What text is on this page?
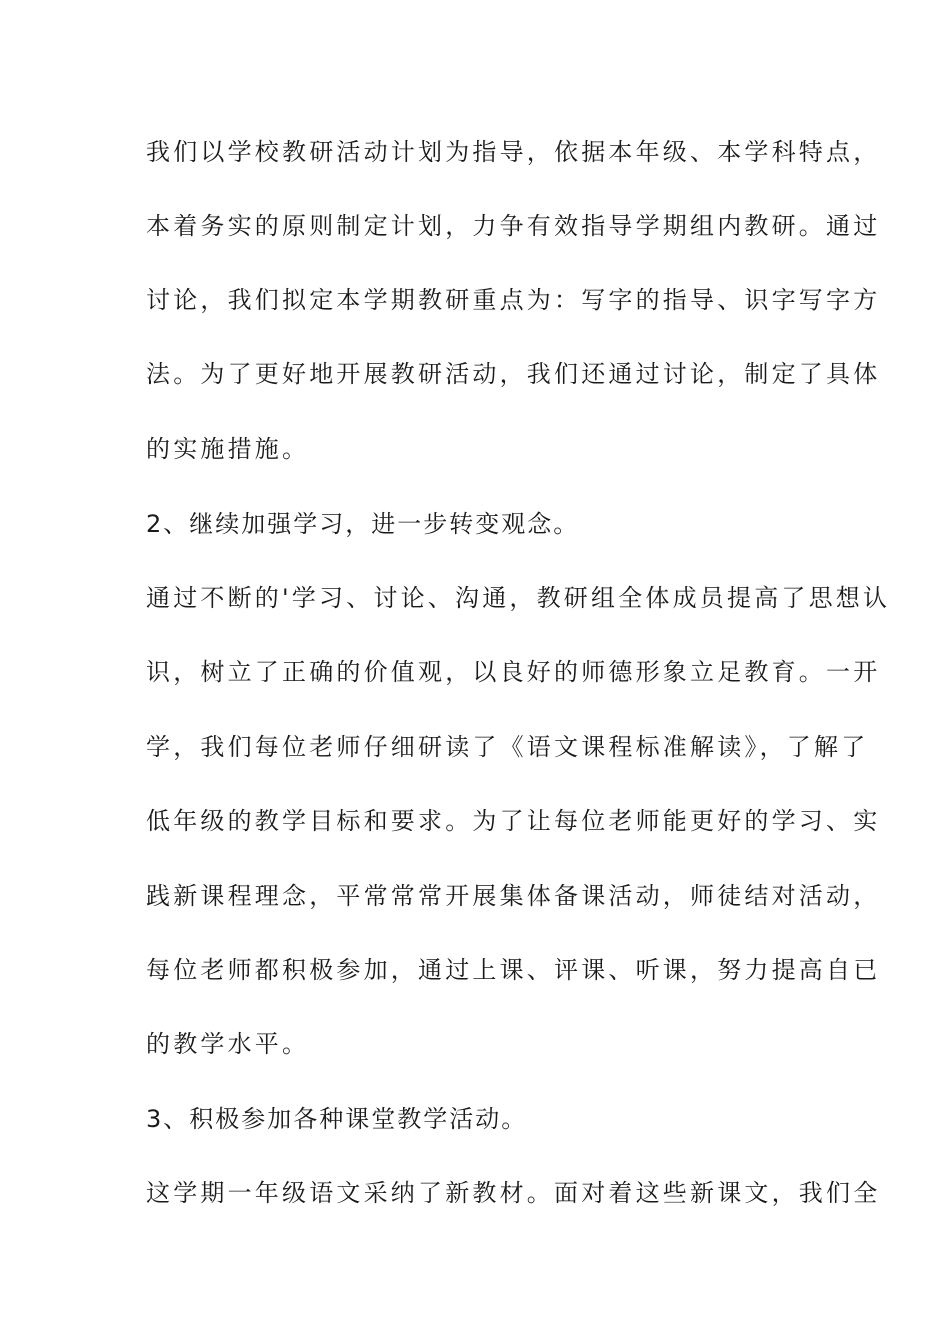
我们以学校教研活动计划为指导，依据本年级、本学科特点，
本着务实的原则制定计划，力争有效指导学期组内教研。通过
讨论，我们拟定本学期教研重点为：写字的指导、识字写字方
法。为了更好地开展教研活动，我们还通过讨论，制定了具体
的实施措施。
2、继续加强学习，进一步转变观念。
通过不断的'学习、讨论、沟通，教研组全体成员提高了思想认
识，树立了正确的价值观，以良好的师德形象立足教育。一开
学，我们每位老师仔细研读了《语文课程标准解读》，了解了
低年级的教学目标和要求。为了让每位老师能更好的学习、实
践新课程理念，平常常常开展集体备课活动，师徒结对活动，
每位老师都积极参加，通过上课、评课、听课，努力提高自已
的教学水平。
3、积极参加各种课堂教学活动。
这学期一年级语文采纳了新教材。面对着这些新课文，我们全
